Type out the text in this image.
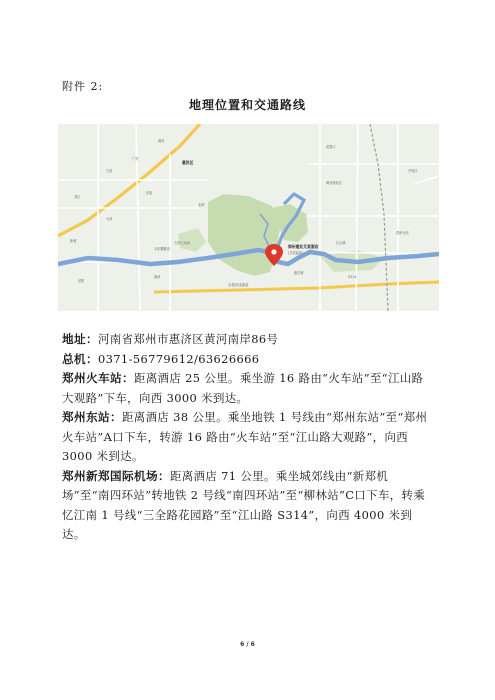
附件 2:
地理位置和交通路线
古荥
广武
惠济区
黄河
花园口
刘江
大河
东赵
新城
北林
索河
丰乐樱桃沟
黄河游览区
开发区
江山路
古荥大运河
荥阳
郑州北站
惠济桥
连霍高速通道
S314
郑州建业艾美酒店
(艾美温泉)

地址：河南省郑州市惠济区黄河南岸86号

总机：0371-56779612/63626666

郑州火车站：距离酒店 25 公里。乘坐游 16 路由“火车站”至“江山路大观路”下车，向西 3000 米到达。

郑州东站：距离酒店 38 公里。乘坐地铁 1 号线由“郑州东站”至“郑州火车站”A口下车，转游 16 路由“火车站”至“江山路大观路”，向西 3000 米到达。

郑州新郑国际机场：距离酒店 71 公里。乘坐城郊线由“新郑机场”至“南四环站”转地铁 2 号线“南四环站”至“柳林站”C口下车，转乘忆江南 1 号线“三全路花园路”至“江山路 S314”，向西 4000 米到达。

6 / 6
